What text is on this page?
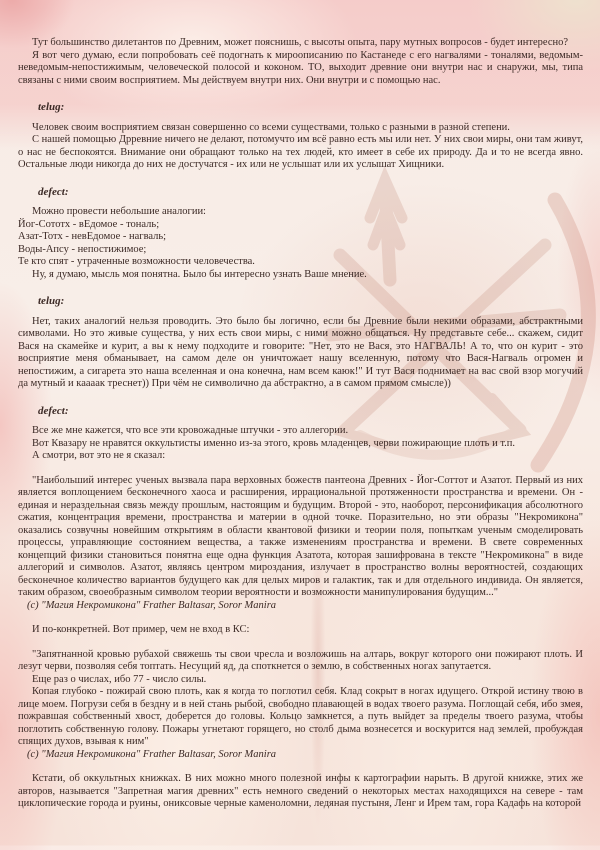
Тут большинство дилетантов по Древним, может пояснишь, с высоты опыта, пару мутных вопросов - будет интересно?
Я вот чего думаю, если попробовать сеё подогнать к мироописанию по Кастанеде с его нагвалями - тоналями, ведомым-неведомым-непостижимым, человеческой полосой и коконом. ТО, выходит древние они внутри нас и снаружи, мы, типа связаны с ними своим восприятием. Мы действуем внутри них. Они внутри и с помощью нас.
telug:
Человек своим восприятием связан совершенно со всеми существами, только с разными в разной степени.
С нашей помощью Дрревние ничего не делают, потомучто им всё равно есть мы или нет. У них свои миры, они там живут, о нас не беспокоятся. Внимание они обращают только на тех людей, кто имеет в себе их природу. Да и то не всегда явно. Остальные люди никогда до них не достучатся - их или не услышат или их услышат Хищники.
defect:
Можно провести небольшие аналогии:
Йог-Сототх - вЕдомое - тональ;
Азат-Тотх - невЕдомое - нагваль;
Воды-Апсу - непостижимое;
Те кто спят - утраченные возможности человечества.
Ну, я думаю, мысль моя понятна. Было бы интересно узнать Ваше мнение.
telug:
Нет, таких аналогий нельзя проводить. Это было бы логично, если бы Древние были некими образами, абстрактными символами. Но это живые существа, у них есть свои миры, с ними можно общаться. Ну представьте себе... скажем, сидит Вася на скамейке и курит, а вы к нему подходите и говорите: "Нет, это не Вася, это НАГВАЛЬ! А то, что он курит - это восприятие меня обманывает, на самом деле он уничтожает нашу вселенную, потому что Вася-Нагваль огромен и непостижим, а сигарета это наша вселенная и она конечна, нам всем каюк!" И тут Вася поднимает на вас свой взор могучий да мутный и каааак треснет)) При чём не символично да абстрактно, а в самом прямом смысле))
defect:
Все же мне кажется, что все эти кровожадные штучки - это аллегории.
Вот Квазару не нравятся оккультисты именно из-за этого, кровь младенцев, черви пожирающие плоть и т.п.
А смотри, вот это не я сказал:
"Наибольший интерес ученых вызвала пара верховных божеств пантеона Древних - Йог-Соттот и Азатот. Первый из них является воплощением бесконечного хаоса и расширения, иррациональной протяженности пространства и времени. Он - единая и нераздельная связь между прошлым, настоящим и будущим. Второй - это, наоборот, персонификация абсолютного сжатия, концентрация времени, пространства и материи в одной точке. Поразительно, но эти образы "Некромикона" оказались созвучны новейшим открытиям в области квантовой физики и теории поля, попыткам ученым смоделировать процессы, управляющие состоянием вещества, а также изменениям пространства и времени. В свете современных концепций физики становиться понятна еще одна функция Азатота, которая зашифрована в тексте "Некромикона" в виде аллегорий и символов. Азатот, являясь центром мироздания, излучает в пространство волны вероятностей, создающих бесконечное количество вариантов будущего как для целых миров и галактик, так и для отдельного индивида. Он является, таким образом, своеобразным символом теории вероятности и возможности манипулирования будущим..."
(с) "Магия Некромикона" Frather Baltasar, Soror Manira
И по-конкретней. Вот пример, чем не вход в КС:
"Запятнанной кровью рубахой свяжешь ты свои чресла и возложишь на алтарь, вокруг которого они пожирают плоть. И лезут черви, позволяя себя топтать. Несущий яд, да споткнется о землю, в собственных ногах запутается.
Еще раз о числах, ибо 77 - число силы.
Копая глубоко - пожирай свою плоть, как я когда то поглотил себя. Клад сокрыт в ногах идущего. Открой истину твою в лице моем. Погрузи себя в бездну и в ней стань рыбой, свободно плавающей в водах твоего разума. Поглощай себя, ибо змея, пожравшая собственный хвост, доберется до головы. Кольцо замкнется, а путь выйдет за пределы твоего разума, чтобы поглотить собственную голову. Пожары угнетают горящего, но столб дыма вознесется и воскурится над землей, пробуждая спящих духов, взывая к ним"
(с) "Магия Некромикона" Frather Baltasar, Soror Manira
Кстати, об оккультных книжках. В них можно много полезной инфы к картографии нарыть. В другой книжке, этих же авторов, называется "Запретная магия древних" есть немного сведений о некоторых местах находящихся на севере - там циклопические города и руины, ониксовые черные каменоломни, ледяная пустыня, Ленг и Ирем там, гора Кадафь на которой
